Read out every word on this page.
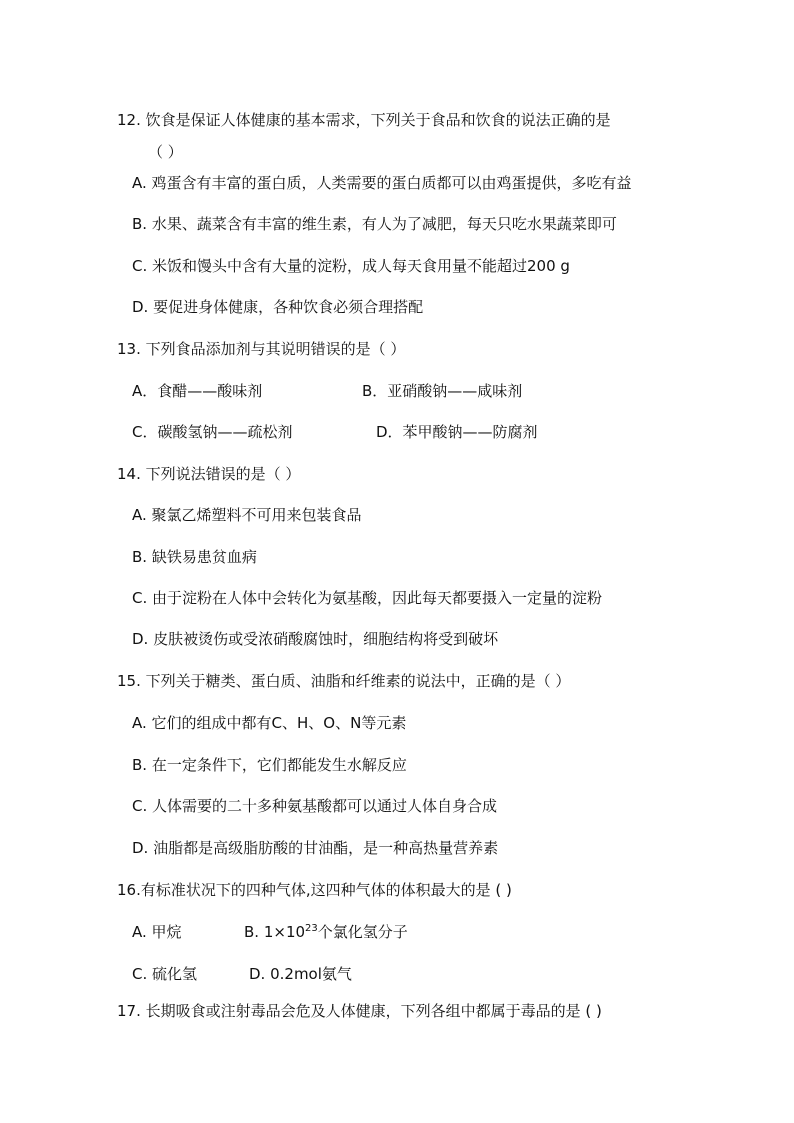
12. 饮食是保证人体健康的基本需求，下列关于食品和饮食的说法正确的是
（ ）
A. 鸡蛋含有丰富的蛋白质，人类需要的蛋白质都可以由鸡蛋提供，多吃有益
B. 水果、蔬菜含有丰富的维生素，有人为了减肥，每天只吃水果蔬菜即可
C. 米饭和馒头中含有大量的淀粉，成人每天食用量不能超过200 g
D. 要促进身体健康，各种饮食必须合理搭配
13. 下列食品添加剂与其说明错误的是（ ）
A．食醋——酸味剂	B．亚硝酸钠——咸味剂
C．碳酸氢钠——疏松剂	D．苯甲酸钠——防腐剂
14. 下列说法错误的是（ ）
A. 聚氯乙烯塑料不可用来包装食品
B. 缺铁易患贫血病
C. 由于淀粉在人体中会转化为氨基酸，因此每天都要摄入一定量的淀粉
D. 皮肤被烫伤或受浓硝酸腐蚀时，细胞结构将受到破坏
15. 下列关于糖类、蛋白质、油脂和纤维素的说法中，正确的是（ ）
A. 它们的组成中都有C、H、O、N等元素
B. 在一定条件下，它们都能发生水解反应
C. 人体需要的二十多种氨基酸都可以通过人体自身合成
D. 油脂都是高级脂肪酸的甘油酯，是一种高热量营养素
16.有标准状况下的四种气体,这四种气体的体积最大的是 ( )
A. 甲烷	B. $1\times 10^{23}$个氯化氢分子
C. 硫化氢	D. 0.2mol氨气
17. 长期吸食或注射毒品会危及人体健康，下列各组中都属于毒品的是 ( )
